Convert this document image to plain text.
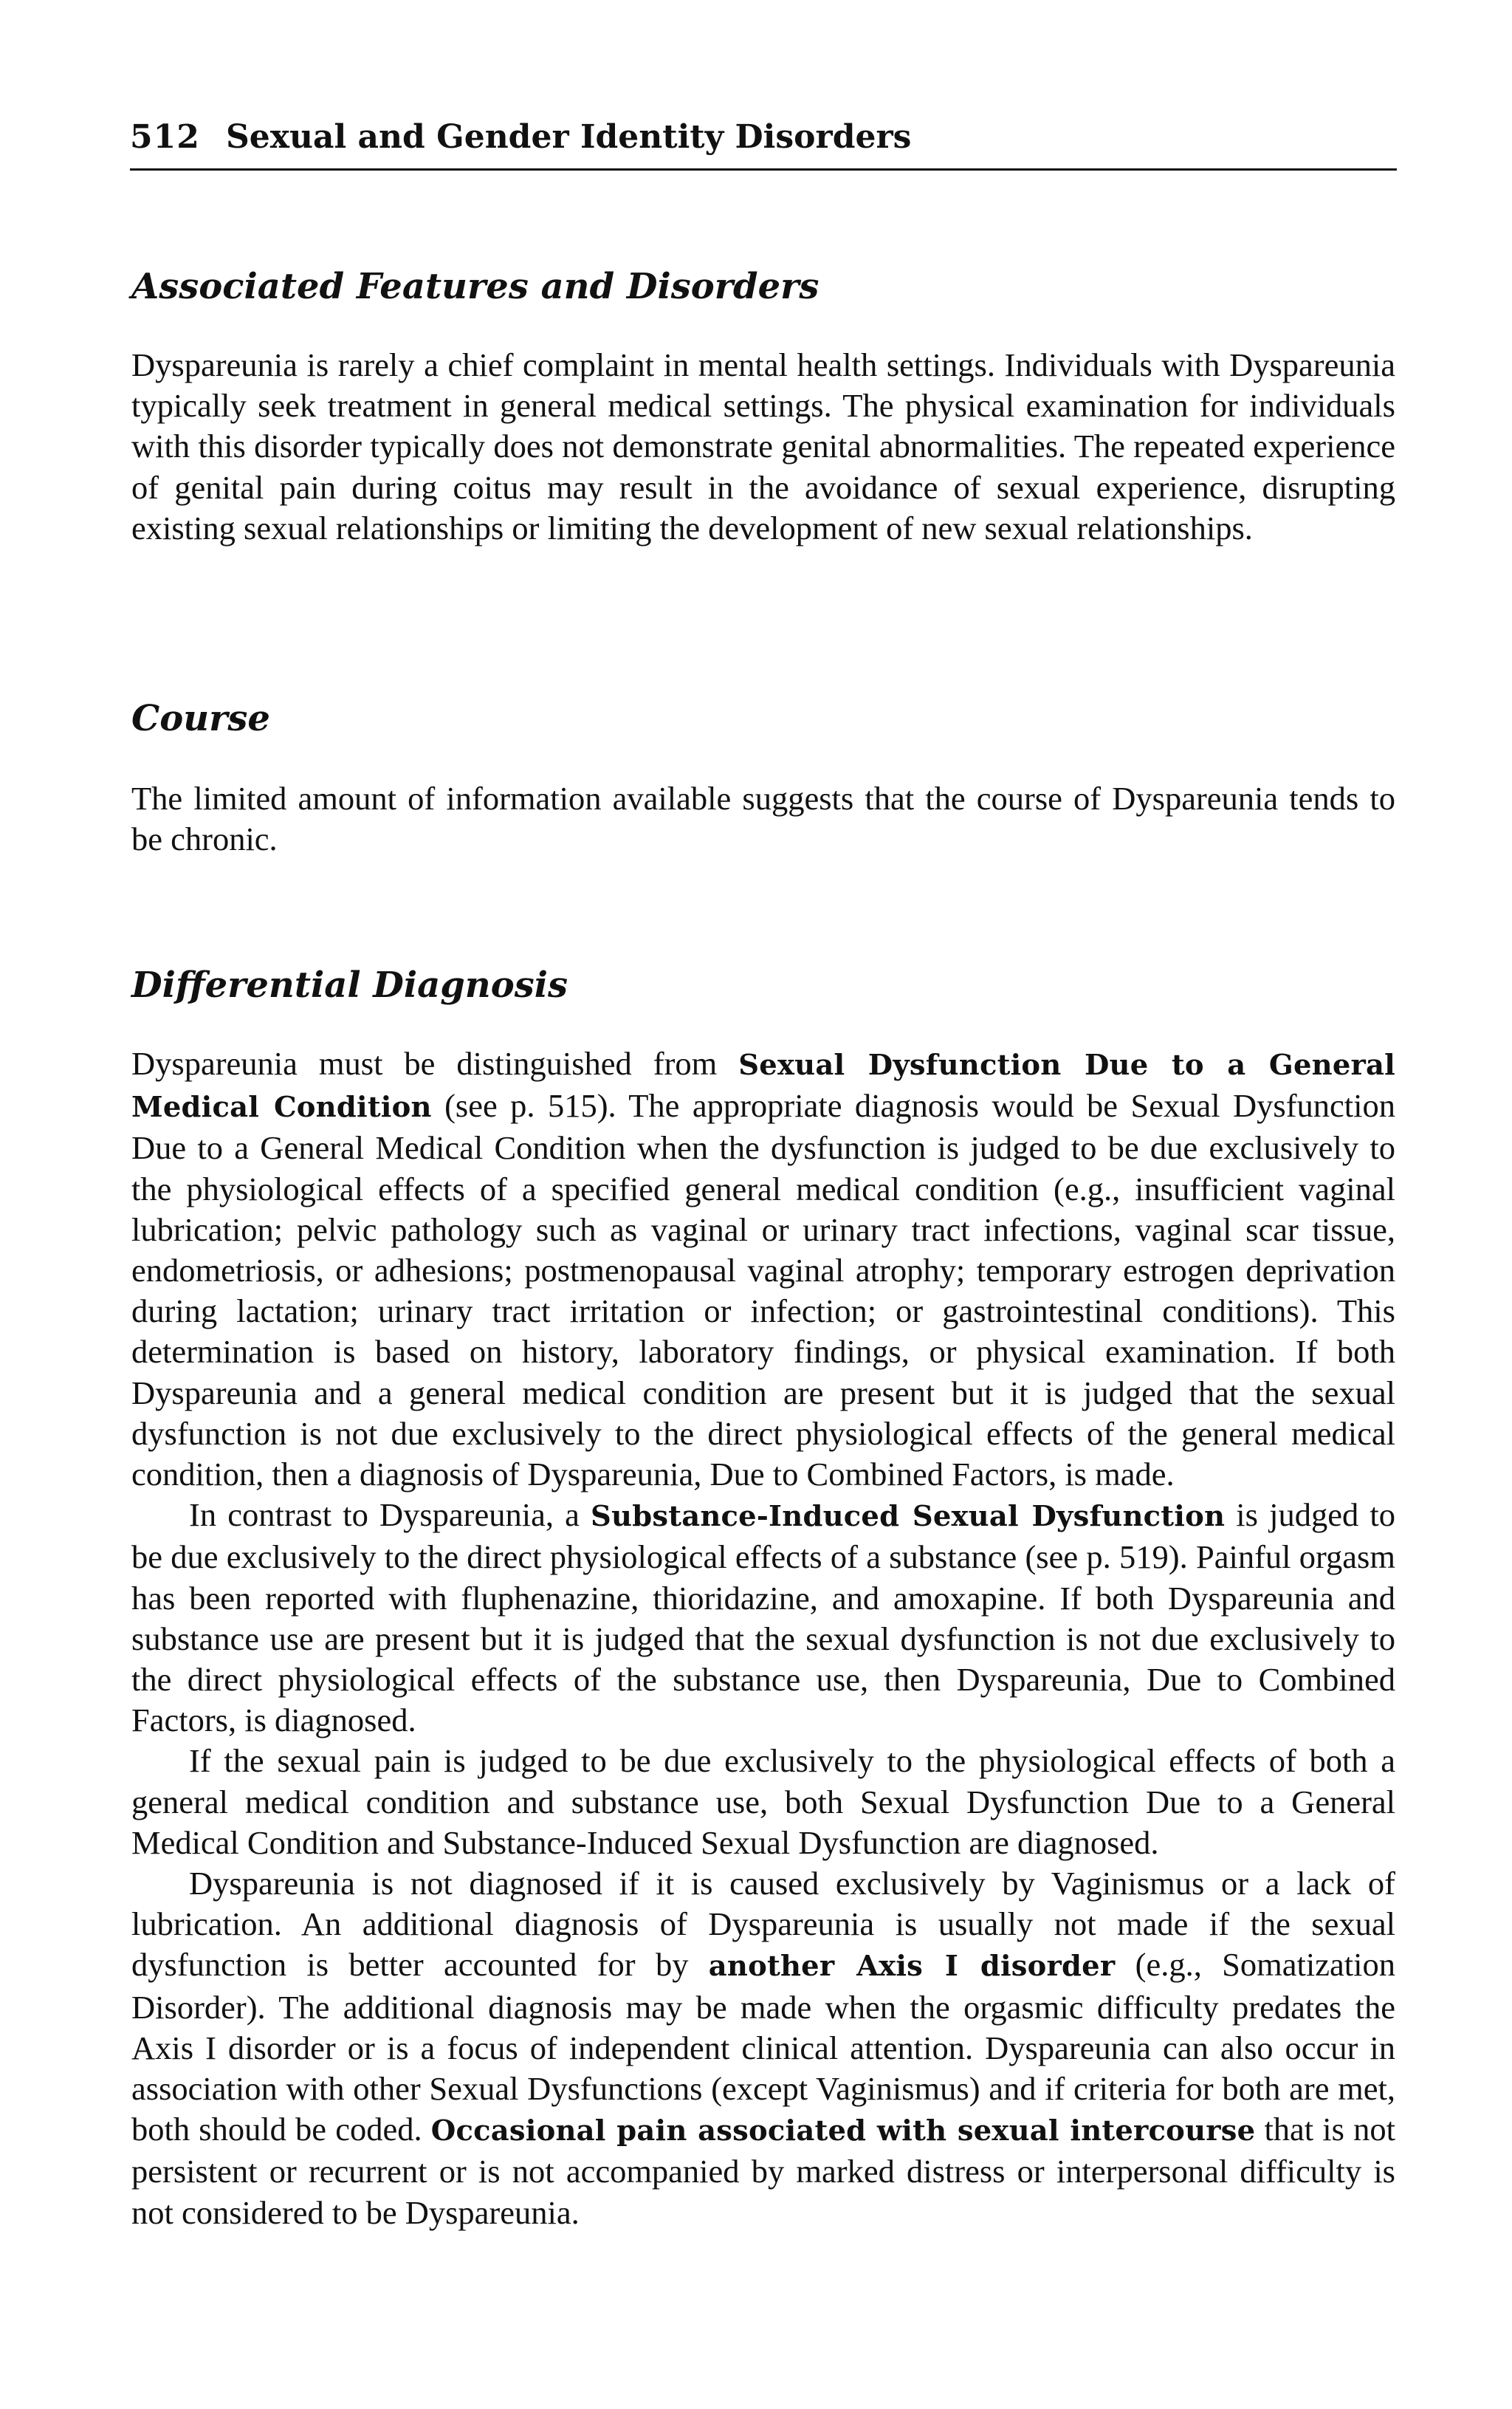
512 Sexual and Gender Identity Disorders
Associated Features and Disorders

Dyspareunia is rarely a chief complaint in mental health settings. Individuals with Dyspareunia typically seek treatment in general medical settings. The physical examination for individuals with this disorder typically does not demonstrate genital abnormalities. The repeated experience of genital pain during coitus may result in the avoidance of sexual experience, disrupting existing sexual relationships or limiting the development of new sexual relationships.

Course

The limited amount of information available suggests that the course of Dyspareunia tends to be chronic.

Differential Diagnosis

Dyspareunia must be distinguished from Sexual Dysfunction Due to a General Medical Condition (see p. 515). The appropriate diagnosis would be Sexual Dysfunction Due to a General Medical Condition when the dysfunction is judged to be due exclusively to the physiological effects of a specified general medical condition (e.g., insufficient vaginal lubrication; pelvic pathology such as vaginal or urinary tract infections, vaginal scar tissue, endometriosis, or adhesions; postmenopausal vaginal atrophy; temporary estrogen deprivation during lactation; urinary tract irritation or infection; or gastrointestinal conditions). This determination is based on history, laboratory findings, or physical examination. If both Dyspareunia and a general medical condition are present but it is judged that the sexual dysfunction is not due exclusively to the direct physiological effects of the general medical condition, then a diagnosis of Dyspareunia, Due to Combined Factors, is made.

In contrast to Dyspareunia, a Substance-Induced Sexual Dysfunction is judged to be due exclusively to the direct physiological effects of a substance (see p. 519). Painful orgasm has been reported with fluphenazine, thioridazine, and amoxapine. If both Dyspareunia and substance use are present but it is judged that the sexual dysfunction is not due exclusively to the direct physiological effects of the substance use, then Dyspareunia, Due to Combined Factors, is diagnosed.

If the sexual pain is judged to be due exclusively to the physiological effects of both a general medical condition and substance use, both Sexual Dysfunction Due to a General Medical Condition and Substance-Induced Sexual Dysfunction are diagnosed.

Dyspareunia is not diagnosed if it is caused exclusively by Vaginismus or a lack of lubrication. An additional diagnosis of Dyspareunia is usually not made if the sexual dysfunction is better accounted for by another Axis I disorder (e.g., Somatization Disorder). The additional diagnosis may be made when the orgasmic difficulty predates the Axis I disorder or is a focus of independent clinical attention. Dyspareunia can also occur in association with other Sexual Dysfunctions (except Vaginismus) and if criteria for both are met, both should be coded. Occasional pain associated with sexual intercourse that is not persistent or recurrent or is not accompanied by marked distress or interpersonal difficulty is not considered to be Dyspareunia.
